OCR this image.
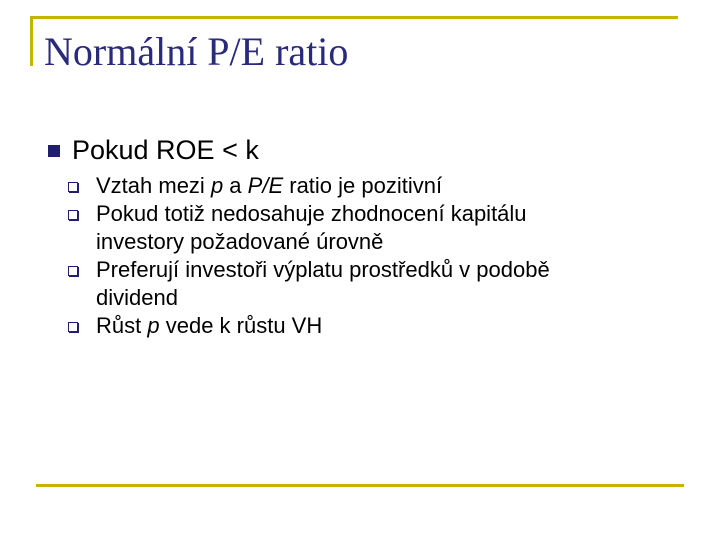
Normální P/E ratio
Pokud ROE < k
Vztah mezi p a P/E ratio je pozitivní
Pokud totiž nedosahuje zhodnocení kapitálu
investory požadované úrovně
Preferují investoři výplatu prostředků v podobě
dividend
Růst p vede k růstu VH
